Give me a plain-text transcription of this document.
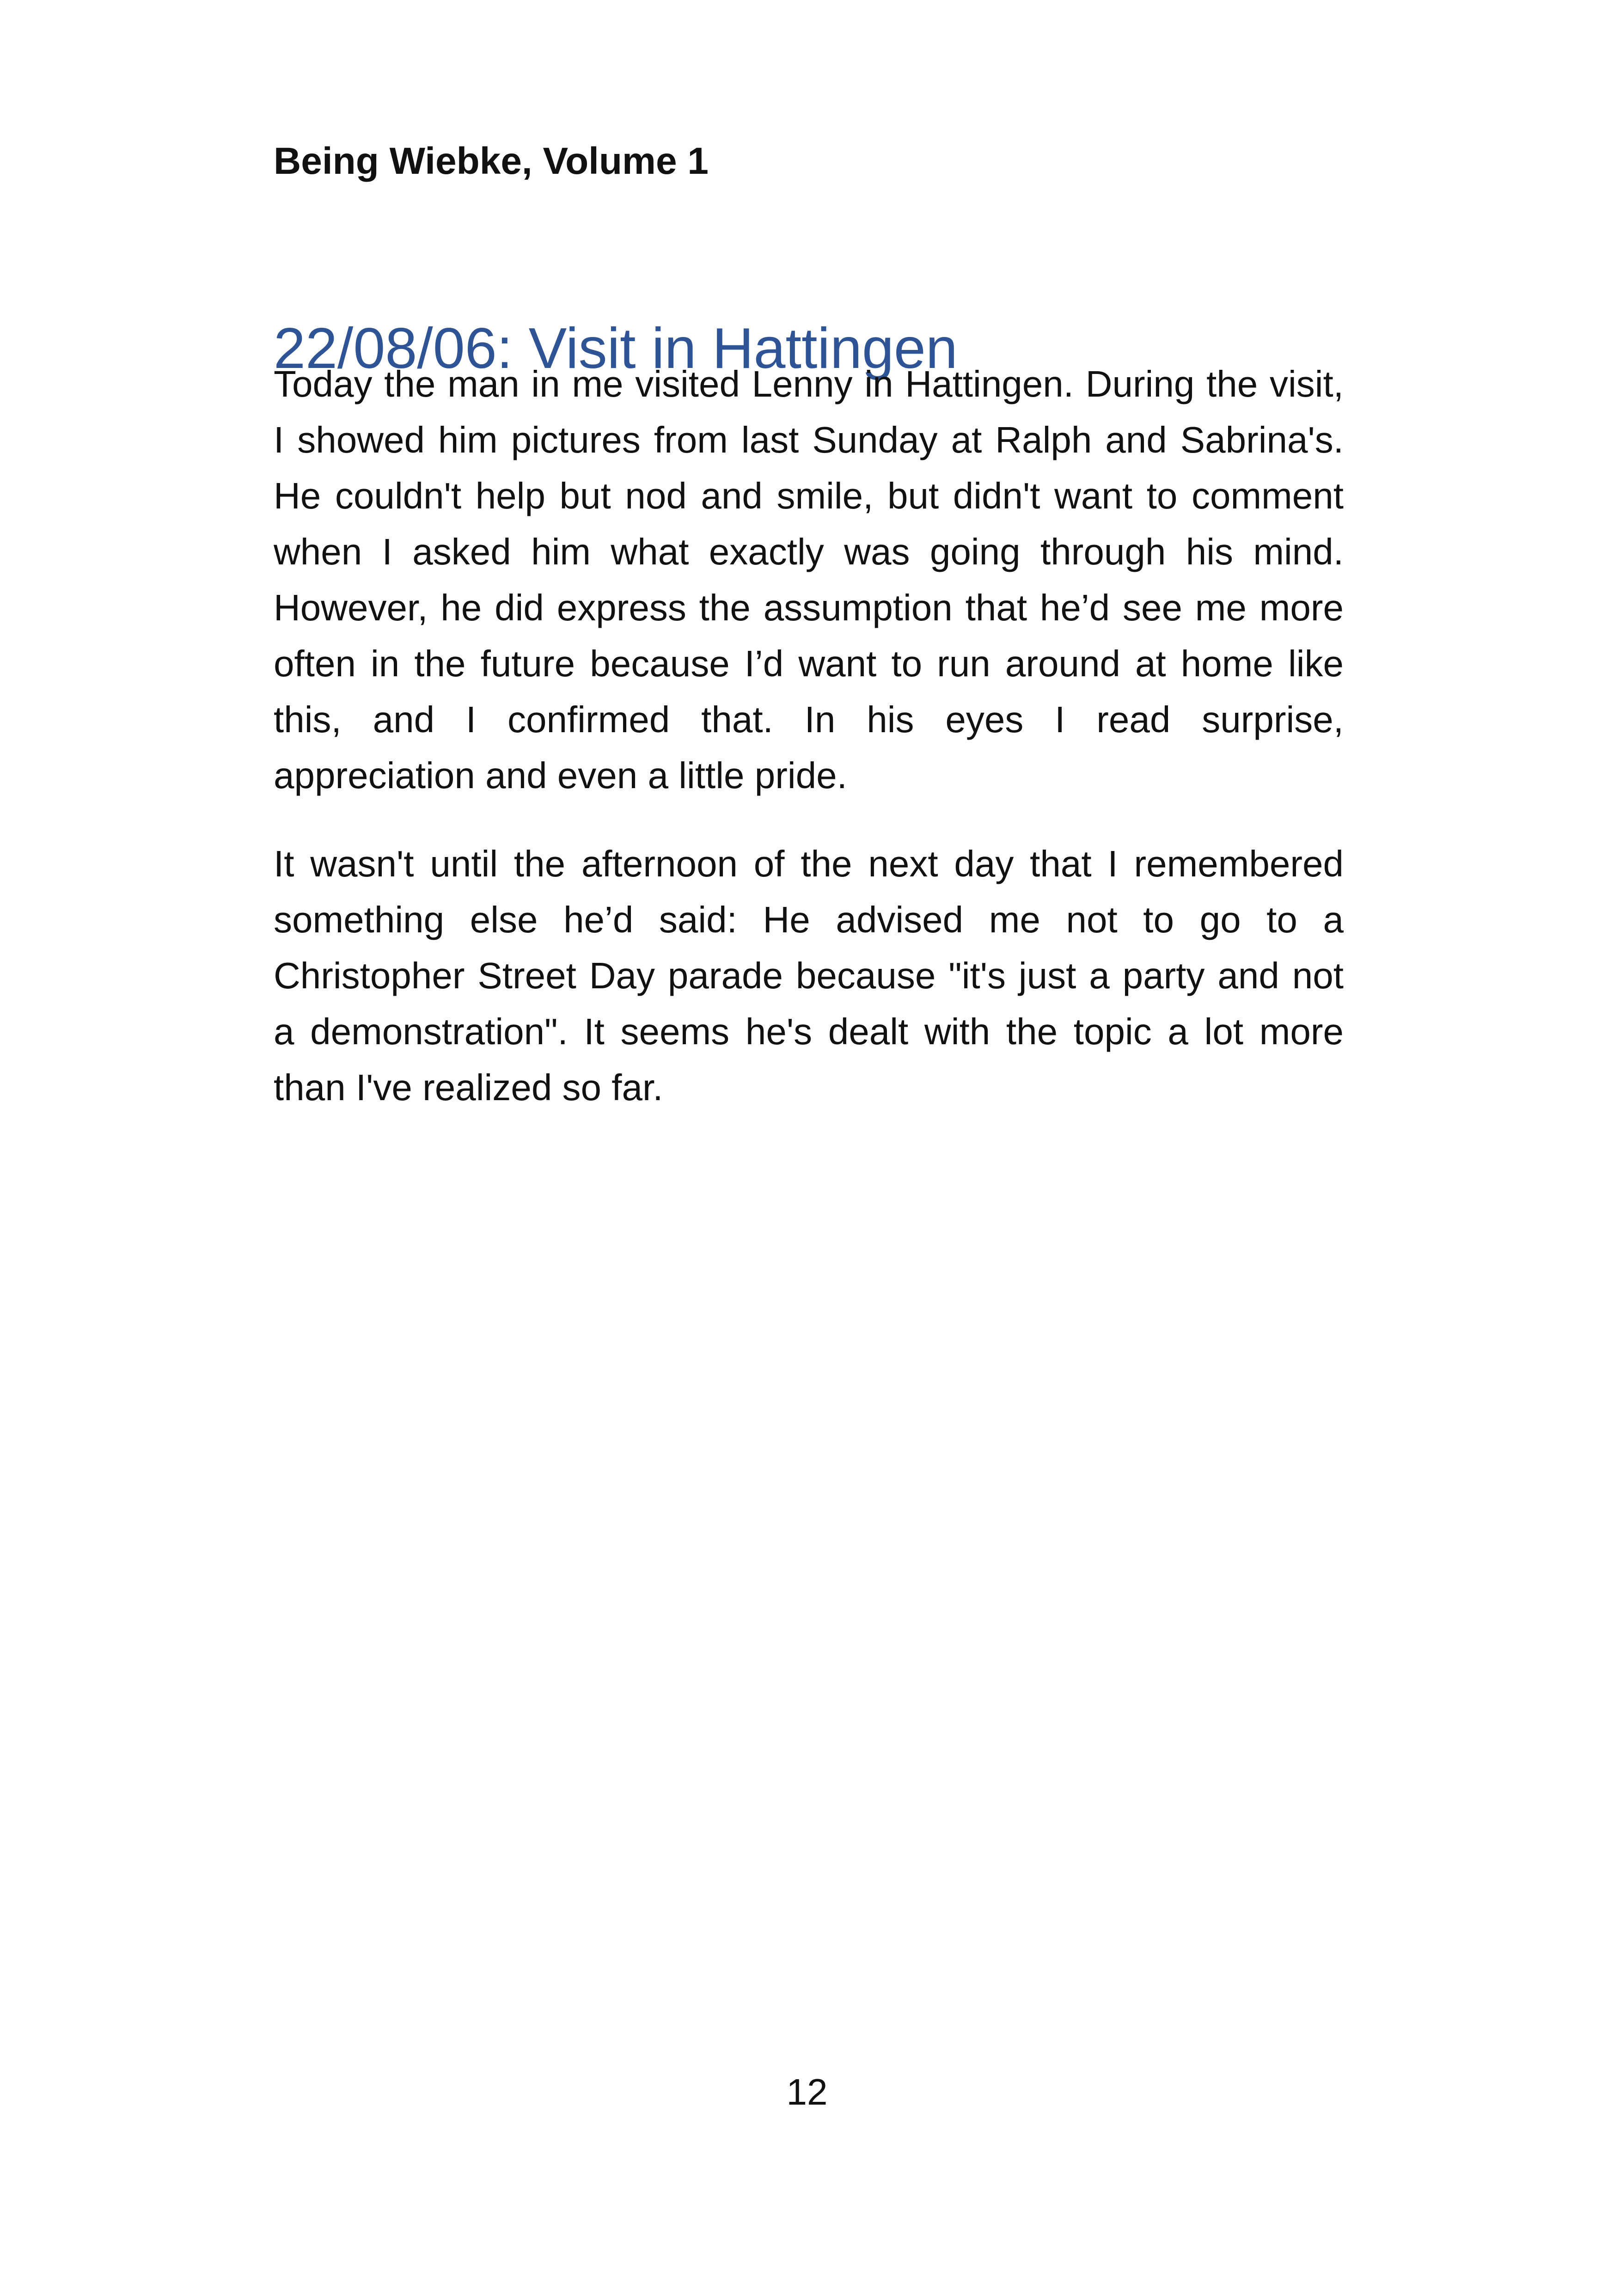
Being Wiebke, Volume 1
22/08/06: Visit in Hattingen

Today the man in me visited Lenny in Hattingen. During the visit, I showed him pictures from last Sunday at Ralph and Sabrina's. He couldn't help but nod and smile, but didn't want to comment when I asked him what exactly was going through his mind. However, he did express the assumption that he’d see me more often in the future because I’d want to run around at home like this, and I confirmed that. In his eyes I read surprise, appreciation and even a little pride.

It wasn't until the afternoon of the next day that I remembered something else he’d said: He advised me not to go to a Christopher Street Day parade because "it's just a party and not a demonstration". It seems he's dealt with the topic a lot more than I've realized so far.

12
